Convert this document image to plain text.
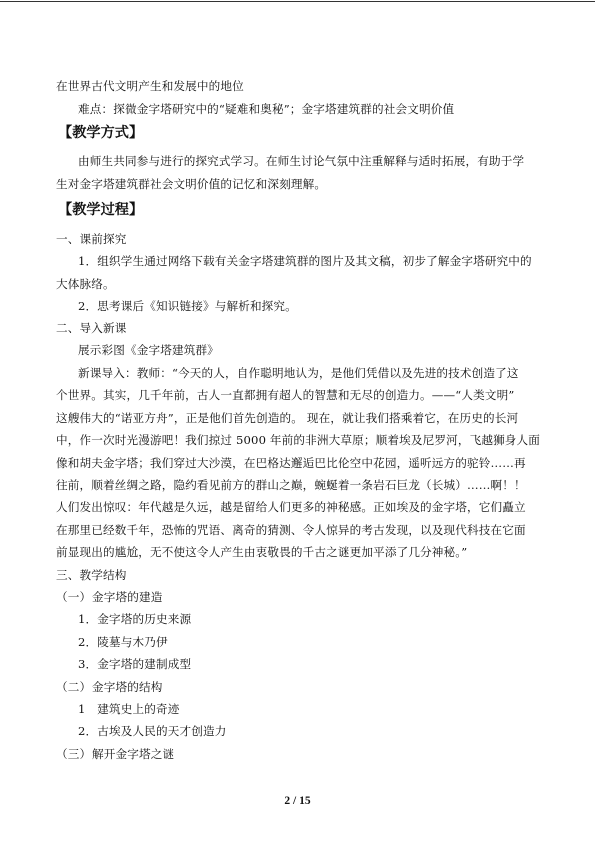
在世界古代文明产生和发展中的地位
难点：探微金字塔研究中的“疑难和奥秘”；金字塔建筑群的社会文明价值
【教学方式】
由师生共同参与进行的探究式学习。在师生讨论气氛中注重解释与适时拓展，有助于学
生对金字塔建筑群社会文明价值的记忆和深刻理解。
【教学过程】
一、课前探究
1．组织学生通过网络下载有关金字塔建筑群的图片及其文稿，初步了解金字塔研究中的
大体脉络。
2．思考课后《知识链接》与解析和探究。
二、导入新课
展示彩图《金字塔建筑群》
新课导入：教师：“今天的人，自作聪明地认为，是他们凭借以及先进的技术创造了这
个世界。其实，几千年前，古人一直都拥有超人的智慧和无尽的创造力。——“人类文明”
这艘伟大的“诺亚方舟”，正是他们首先创造的。 现在，就让我们搭乘着它，在历史的长河
中，作一次时光漫游吧！我们掠过 5000 年前的非洲大草原；顺着埃及尼罗河，飞越狮身人面
像和胡夫金字塔；我们穿过大沙漠，在巴格达邂逅巴比伦空中花园，遥听远方的驼铃……再
往前，顺着丝绸之路，隐约看见前方的群山之巅，蜿蜒着一条岩石巨龙（长城）……啊！！
人们发出惊叹：年代越是久远，越是留给人们更多的神秘感。正如埃及的金字塔，它们矗立
在那里已经数千年，恐怖的咒语、离奇的猜测、令人惊异的考古发现，以及现代科技在它面
前显现出的尴尬，无不使这令人产生由衷敬畏的千古之谜更加平添了几分神秘。”
三、教学结构
（一）金字塔的建造
1．金字塔的历史来源
2．陵墓与木乃伊
3．金字塔的建制成型
（二）金字塔的结构
1　建筑史上的奇迹
2．古埃及人民的天才创造力
（三）解开金字塔之谜
2 / 15
